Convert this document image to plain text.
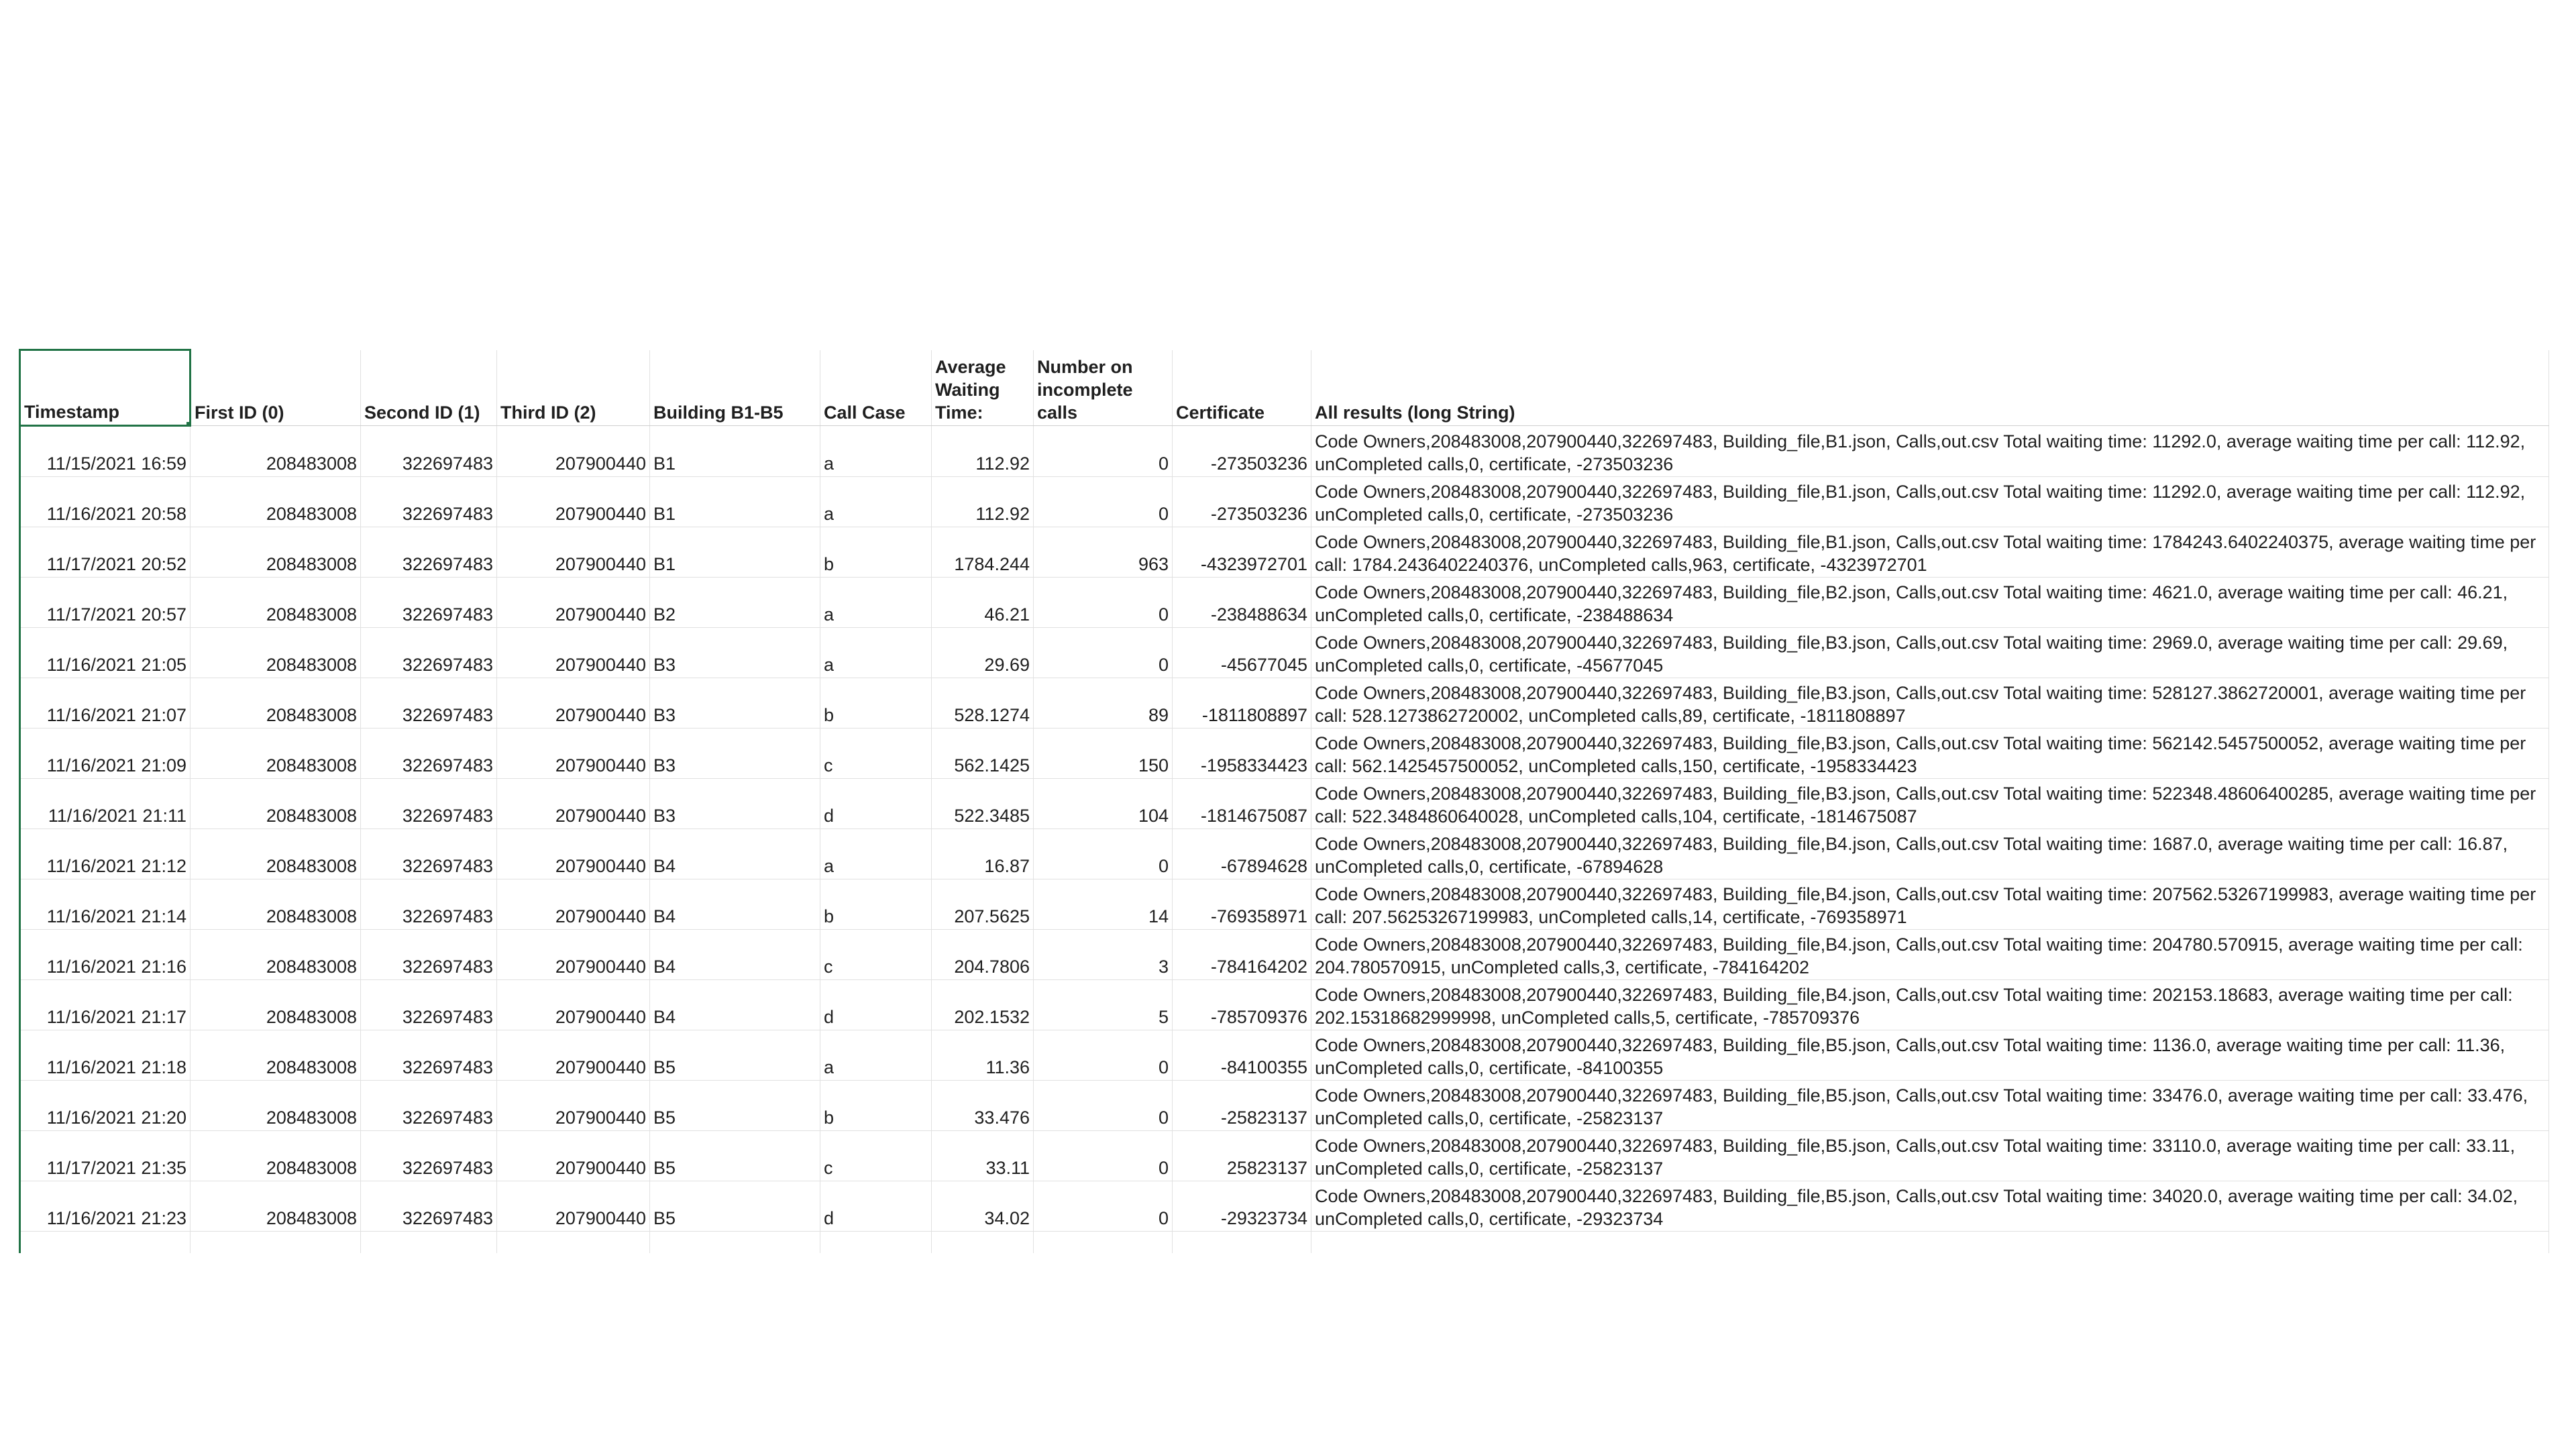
Timestamp	First ID (0)	Second ID (1)	Third ID (2)	Building B1-B5	Call Case	Average Waiting Time:	Number on incomplete calls	Certificate	All results (long String)
11/15/2021 16:59	208483008	322697483	207900440	B1	a	112.92	0	-273503236	Code Owners,208483008,207900440,322697483, Building_file,B1.json, Calls,out.csv Total waiting time: 11292.0, average waiting time per call: 112.92, unCompleted calls,0, certificate, -273503236
11/16/2021 20:58	208483008	322697483	207900440	B1	a	112.92	0	-273503236	Code Owners,208483008,207900440,322697483, Building_file,B1.json, Calls,out.csv Total waiting time: 11292.0, average waiting time per call: 112.92, unCompleted calls,0, certificate, -273503236
11/17/2021 20:52	208483008	322697483	207900440	B1	b	1784.244	963	-4323972701	Code Owners,208483008,207900440,322697483, Building_file,B1.json, Calls,out.csv Total waiting time: 1784243.6402240375, average waiting time per call: 1784.2436402240376, unCompleted calls,963, certificate, -4323972701
11/17/2021 20:57	208483008	322697483	207900440	B2	a	46.21	0	-238488634	Code Owners,208483008,207900440,322697483, Building_file,B2.json, Calls,out.csv Total waiting time: 4621.0, average waiting time per call: 46.21, unCompleted calls,0, certificate, -238488634
11/16/2021 21:05	208483008	322697483	207900440	B3	a	29.69	0	-45677045	Code Owners,208483008,207900440,322697483, Building_file,B3.json, Calls,out.csv Total waiting time: 2969.0, average waiting time per call: 29.69, unCompleted calls,0, certificate, -45677045
11/16/2021 21:07	208483008	322697483	207900440	B3	b	528.1274	89	-1811808897	Code Owners,208483008,207900440,322697483, Building_file,B3.json, Calls,out.csv Total waiting time: 528127.3862720001, average waiting time per call: 528.1273862720002, unCompleted calls,89, certificate, -1811808897
11/16/2021 21:09	208483008	322697483	207900440	B3	c	562.1425	150	-1958334423	Code Owners,208483008,207900440,322697483, Building_file,B3.json, Calls,out.csv Total waiting time: 562142.5457500052, average waiting time per call: 562.1425457500052, unCompleted calls,150, certificate, -1958334423
11/16/2021 21:11	208483008	322697483	207900440	B3	d	522.3485	104	-1814675087	Code Owners,208483008,207900440,322697483, Building_file,B3.json, Calls,out.csv Total waiting time: 522348.48606400285, average waiting time per call: 522.3484860640028, unCompleted calls,104, certificate, -1814675087
11/16/2021 21:12	208483008	322697483	207900440	B4	a	16.87	0	-67894628	Code Owners,208483008,207900440,322697483, Building_file,B4.json, Calls,out.csv Total waiting time: 1687.0, average waiting time per call: 16.87, unCompleted calls,0, certificate, -67894628
11/16/2021 21:14	208483008	322697483	207900440	B4	b	207.5625	14	-769358971	Code Owners,208483008,207900440,322697483, Building_file,B4.json, Calls,out.csv Total waiting time: 207562.53267199983, average waiting time per call: 207.56253267199983, unCompleted calls,14, certificate, -769358971
11/16/2021 21:16	208483008	322697483	207900440	B4	c	204.7806	3	-784164202	Code Owners,208483008,207900440,322697483, Building_file,B4.json, Calls,out.csv Total waiting time: 204780.570915, average waiting time per call: 204.780570915, unCompleted calls,3, certificate, -784164202
11/16/2021 21:17	208483008	322697483	207900440	B4	d	202.1532	5	-785709376	Code Owners,208483008,207900440,322697483, Building_file,B4.json, Calls,out.csv Total waiting time: 202153.18683, average waiting time per call: 202.15318682999998, unCompleted calls,5, certificate, -785709376
11/16/2021 21:18	208483008	322697483	207900440	B5	a	11.36	0	-84100355	Code Owners,208483008,207900440,322697483, Building_file,B5.json, Calls,out.csv Total waiting time: 1136.0, average waiting time per call: 11.36, unCompleted calls,0, certificate, -84100355
11/16/2021 21:20	208483008	322697483	207900440	B5	b	33.476	0	-25823137	Code Owners,208483008,207900440,322697483, Building_file,B5.json, Calls,out.csv Total waiting time: 33476.0, average waiting time per call: 33.476, unCompleted calls,0, certificate, -25823137
11/17/2021 21:35	208483008	322697483	207900440	B5	c	33.11	0	25823137	Code Owners,208483008,207900440,322697483, Building_file,B5.json, Calls,out.csv Total waiting time: 33110.0, average waiting time per call: 33.11, unCompleted calls,0, certificate, -25823137
11/16/2021 21:23	208483008	322697483	207900440	B5	d	34.02	0	-29323734	Code Owners,208483008,207900440,322697483, Building_file,B5.json, Calls,out.csv Total waiting time: 34020.0, average waiting time per call: 34.02, unCompleted calls,0, certificate, -29323734
